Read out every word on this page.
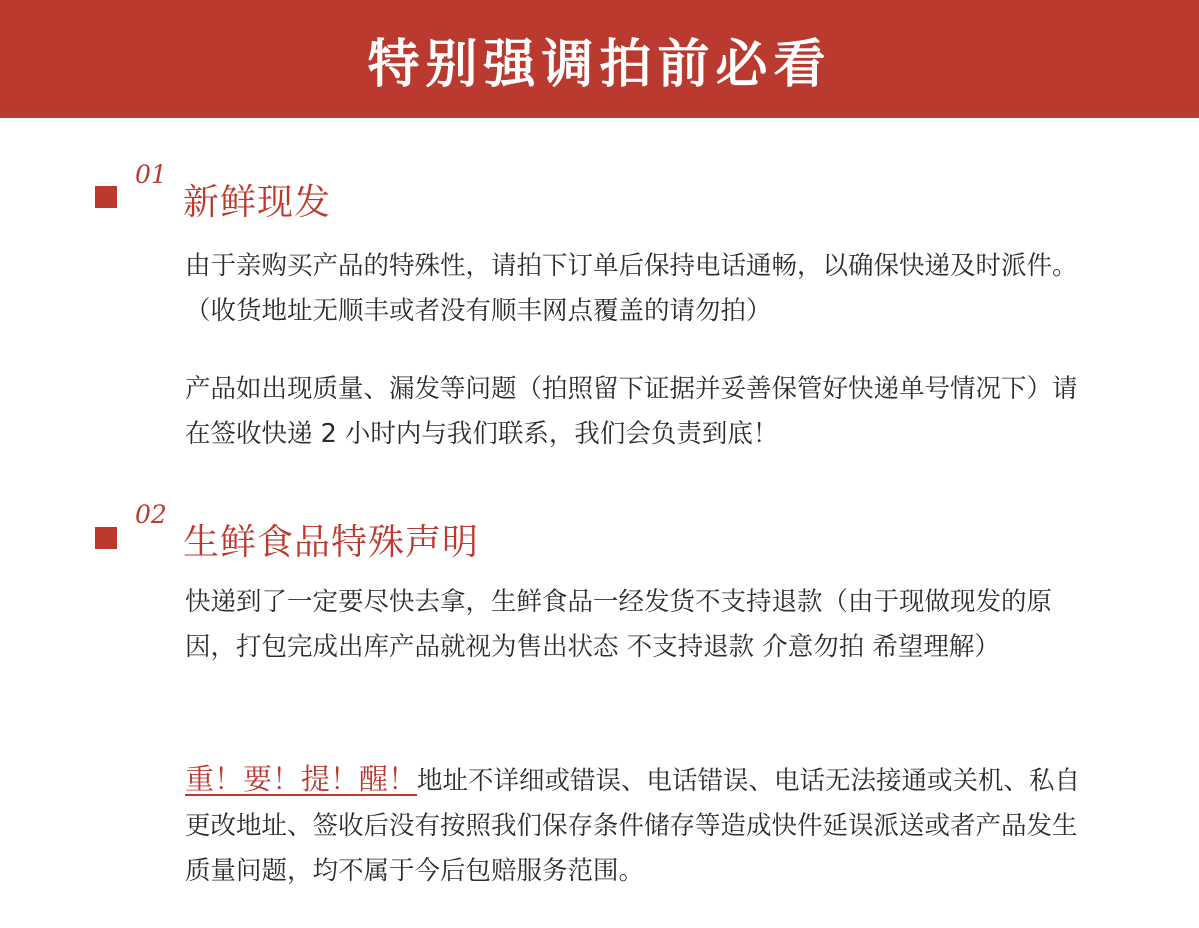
特别强调拍前必看
01
新鲜现发

由于亲购买产品的特殊性，请拍下订单后保持电话通畅，以确保快递及时派件。（收货地址无顺丰或者没有顺丰网点覆盖的请勿拍）

产品如出现质量、漏发等问题（拍照留下证据并妥善保管好快递单号情况下）请在签收快递 2 小时内与我们联系，我们会负责到底！

02
生鲜食品特殊声明

快递到了一定要尽快去拿，生鲜食品一经发货不支持退款（由于现做现发的原因，打包完成出库产品就视为售出状态 不支持退款 介意勿拍 希望理解）

重！要！提！醒！地址不详细或错误、电话错误、电话无法接通或关机、私自更改地址、签收后没有按照我们保存条件储存等造成快件延误派送或者产品发生质量问题，均不属于今后包赔服务范围。
